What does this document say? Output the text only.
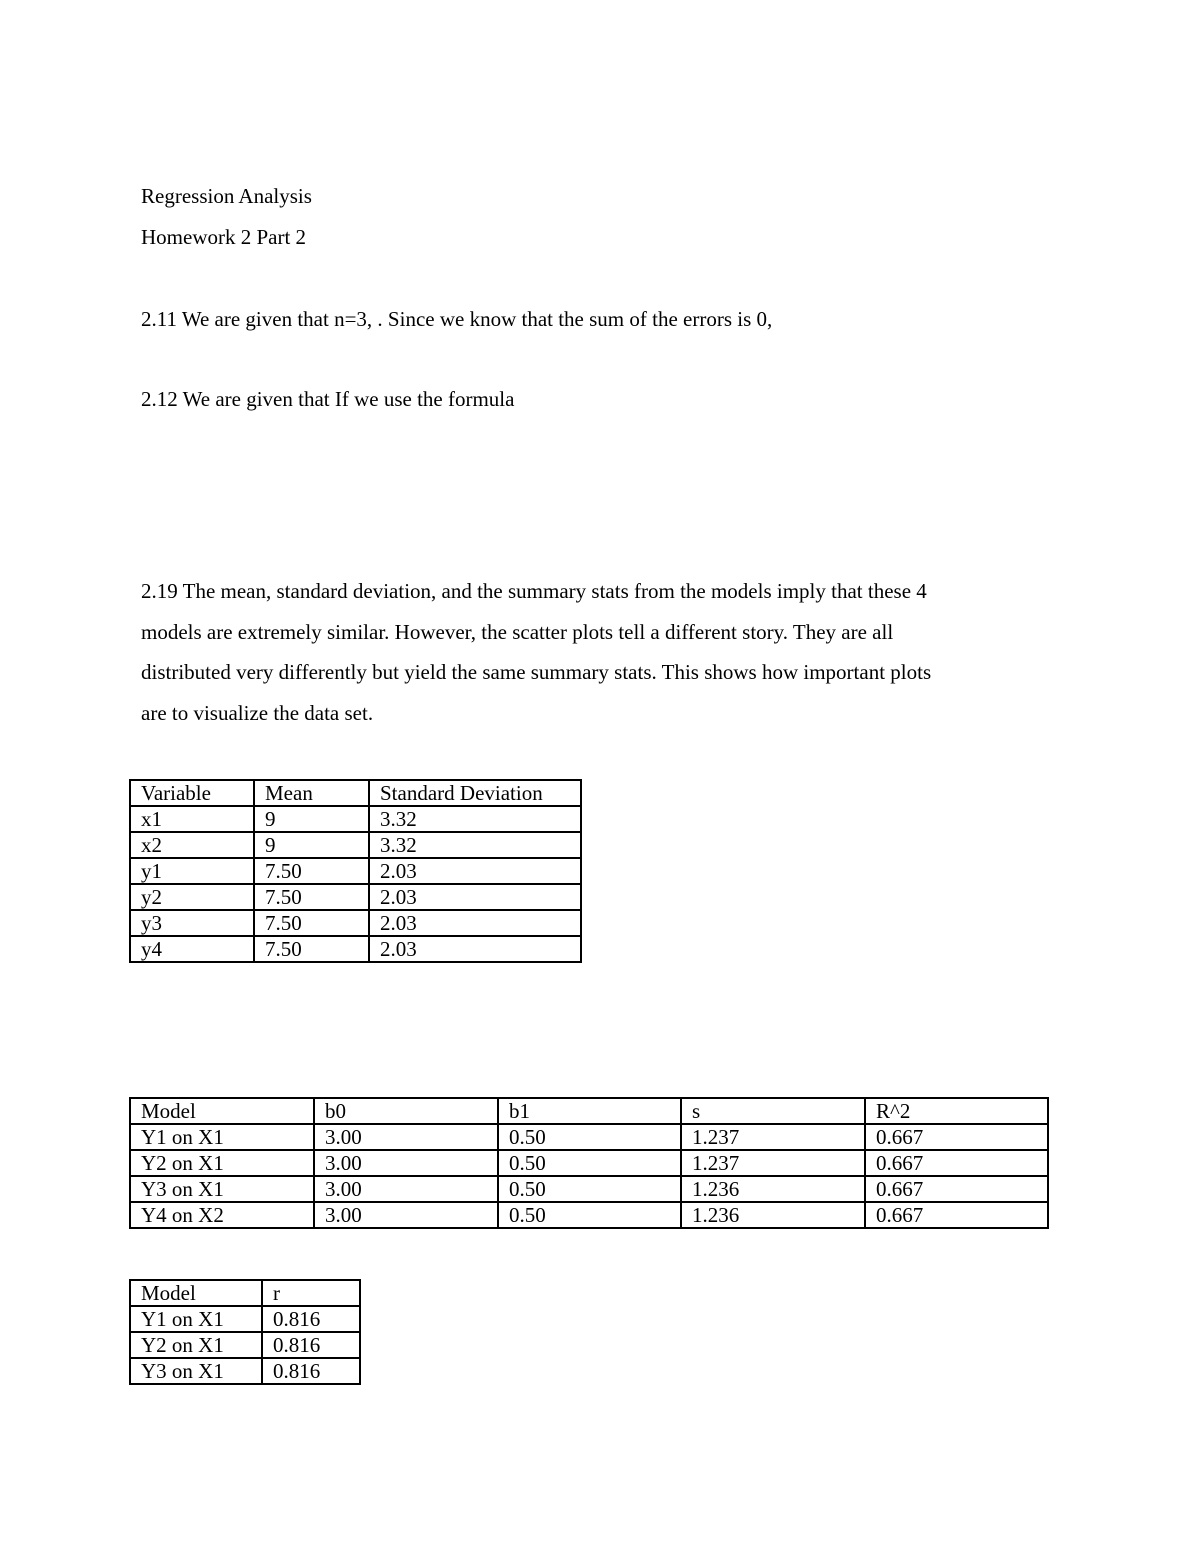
Regression Analysis
Homework 2 Part 2
2.11 We are given that n=3, . Since we know that the sum of the errors is 0,
2.12 We are given that If we use the formula
2.19 The mean, standard deviation, and the summary stats from the models imply that these 4
models are extremely similar. However, the scatter plots tell a different story. They are all
distributed very differently but yield the same summary stats. This shows how important plots
are to visualize the data set.
Variable	Mean	Standard Deviation
x1	9	3.32
x2	9	3.32
y1	7.50	2.03
y2	7.50	2.03
y3	7.50	2.03
y4	7.50	2.03
Model	b0	b1	s	R^2
Y1 on X1	3.00	0.50	1.237	0.667
Y2 on X1	3.00	0.50	1.237	0.667
Y3 on X1	3.00	0.50	1.236	0.667
Y4 on X2	3.00	0.50	1.236	0.667
Model	r
Y1 on X1	0.816
Y2 on X1	0.816
Y3 on X1	0.816
